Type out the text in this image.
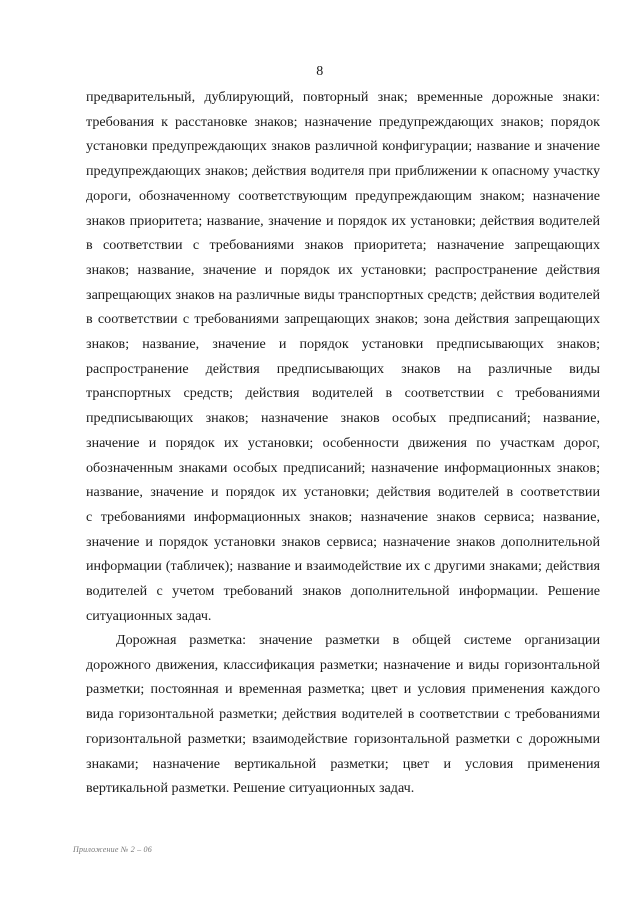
8
предварительный, дублирующий, повторный знак; временные дорожные знаки:
требования к расстановке знаков; назначение предупреждающих знаков; порядок
установки предупреждающих знаков различной конфигурации; название и значение
предупреждающих знаков; действия водителя при приближении к опасному участку
дороги, обозначенному соответствующим предупреждающим знаком; назначение
знаков приоритета; название, значение и порядок их установки; действия водителей
в соответствии с требованиями знаков приоритета; назначение запрещающих
знаков; название, значение и порядок их установки; распространение действия
запрещающих знаков на различные виды транспортных средств; действия водителей
в соответствии с требованиями запрещающих знаков; зона действия запрещающих
знаков; название, значение и порядок установки предписывающих знаков;
распространение действия предписывающих знаков на различные виды
транспортных средств; действия водителей в соответствии с требованиями
предписывающих знаков; назначение знаков особых предписаний; название,
значение и порядок их установки; особенности движения по участкам дорог,
обозначенным знаками особых предписаний; назначение информационных знаков;
название, значение и порядок их установки; действия водителей в соответствии
с требованиями информационных знаков; назначение знаков сервиса; название,
значение и порядок установки знаков сервиса; назначение знаков дополнительной
информации (табличек); название и взаимодействие их с другими знаками; действия
водителей с учетом требований знаков дополнительной информации. Решение
ситуационных задач.
Дорожная разметка: значение разметки в общей системе организации
дорожного движения, классификация разметки; назначение и виды горизонтальной
разметки; постоянная и временная разметка; цвет и условия применения каждого
вида горизонтальной разметки; действия водителей в соответствии с требованиями
горизонтальной разметки; взаимодействие горизонтальной разметки с дорожными
знаками; назначение вертикальной разметки; цвет и условия применения
вертикальной разметки. Решение ситуационных задач.
Приложение № 2 – 06
